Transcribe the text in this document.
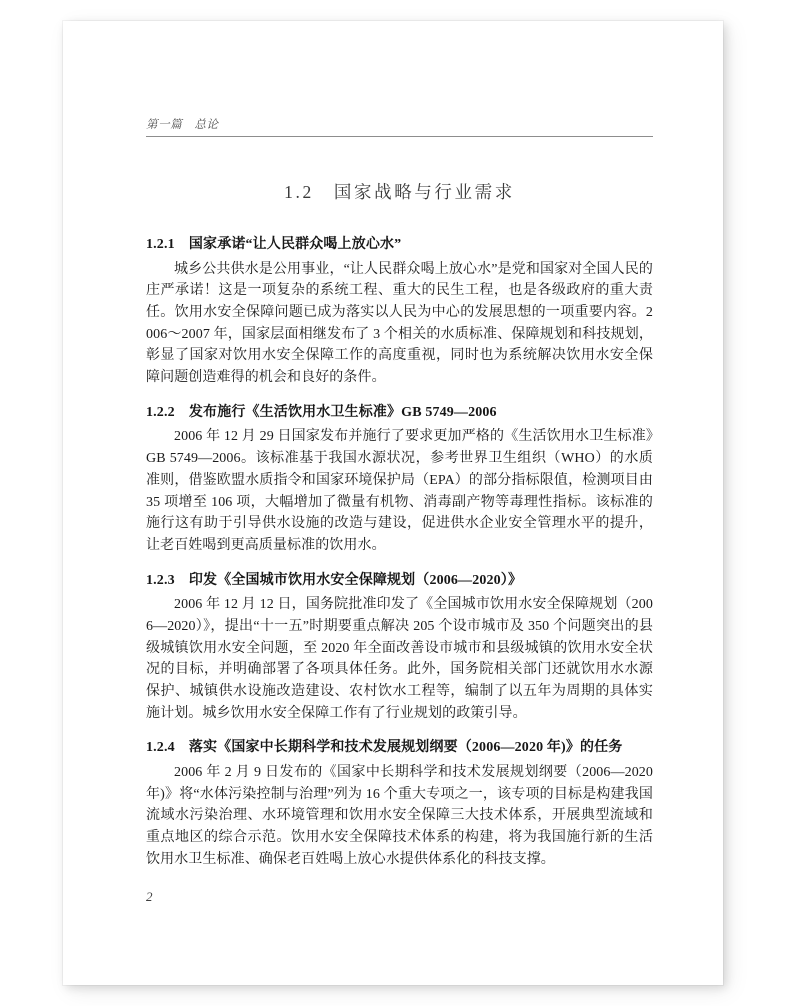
第一篇　总论
1.2　国家战略与行业需求
1.2.1　国家承诺“让人民群众喝上放心水”

城乡公共供水是公用事业，“让人民群众喝上放心水”是党和国家对全国人民的庄严承诺！这是一项复杂的系统工程、重大的民生工程，也是各级政府的重大责任。饮用水安全保障问题已成为落实以人民为中心的发展思想的一项重要内容。2006～2007 年，国家层面相继发布了 3 个相关的水质标准、保障规划和科技规划，彰显了国家对饮用水安全保障工作的高度重视，同时也为系统解决饮用水安全保障问题创造难得的机会和良好的条件。

1.2.2　发布施行《生活饮用水卫生标准》GB 5749—2006

2006 年 12 月 29 日国家发布并施行了要求更加严格的《生活饮用水卫生标准》GB 5749—2006。该标准基于我国水源状况，参考世界卫生组织（WHO）的水质准则，借鉴欧盟水质指令和国家环境保护局（EPA）的部分指标限值，检测项目由 35 项增至 106 项，大幅增加了微量有机物、消毒副产物等毒理性指标。该标准的施行这有助于引导供水设施的改造与建设，促进供水企业安全管理水平的提升，让老百姓喝到更高质量标准的饮用水。

1.2.3　印发《全国城市饮用水安全保障规划（2006—2020）》

2006 年 12 月 12 日，国务院批准印发了《全国城市饮用水安全保障规划（2006—2020）》，提出“十一五”时期要重点解决 205 个设市城市及 350 个问题突出的县级城镇饮用水安全问题，至 2020 年全面改善设市城市和县级城镇的饮用水安全状况的目标，并明确部署了各项具体任务。此外，国务院相关部门还就饮用水水源保护、城镇供水设施改造建设、农村饮水工程等，编制了以五年为周期的具体实施计划。城乡饮用水安全保障工作有了行业规划的政策引导。

1.2.4　落实《国家中长期科学和技术发展规划纲要（2006—2020 年)》的任务

2006 年 2 月 9 日发布的《国家中长期科学和技术发展规划纲要（2006—2020 年)》将“水体污染控制与治理”列为 16 个重大专项之一，该专项的目标是构建我国流域水污染治理、水环境管理和饮用水安全保障三大技术体系，开展典型流域和重点地区的综合示范。饮用水安全保障技术体系的构建，将为我国施行新的生活饮用水卫生标准、确保老百姓喝上放心水提供体系化的科技支撑。

2
